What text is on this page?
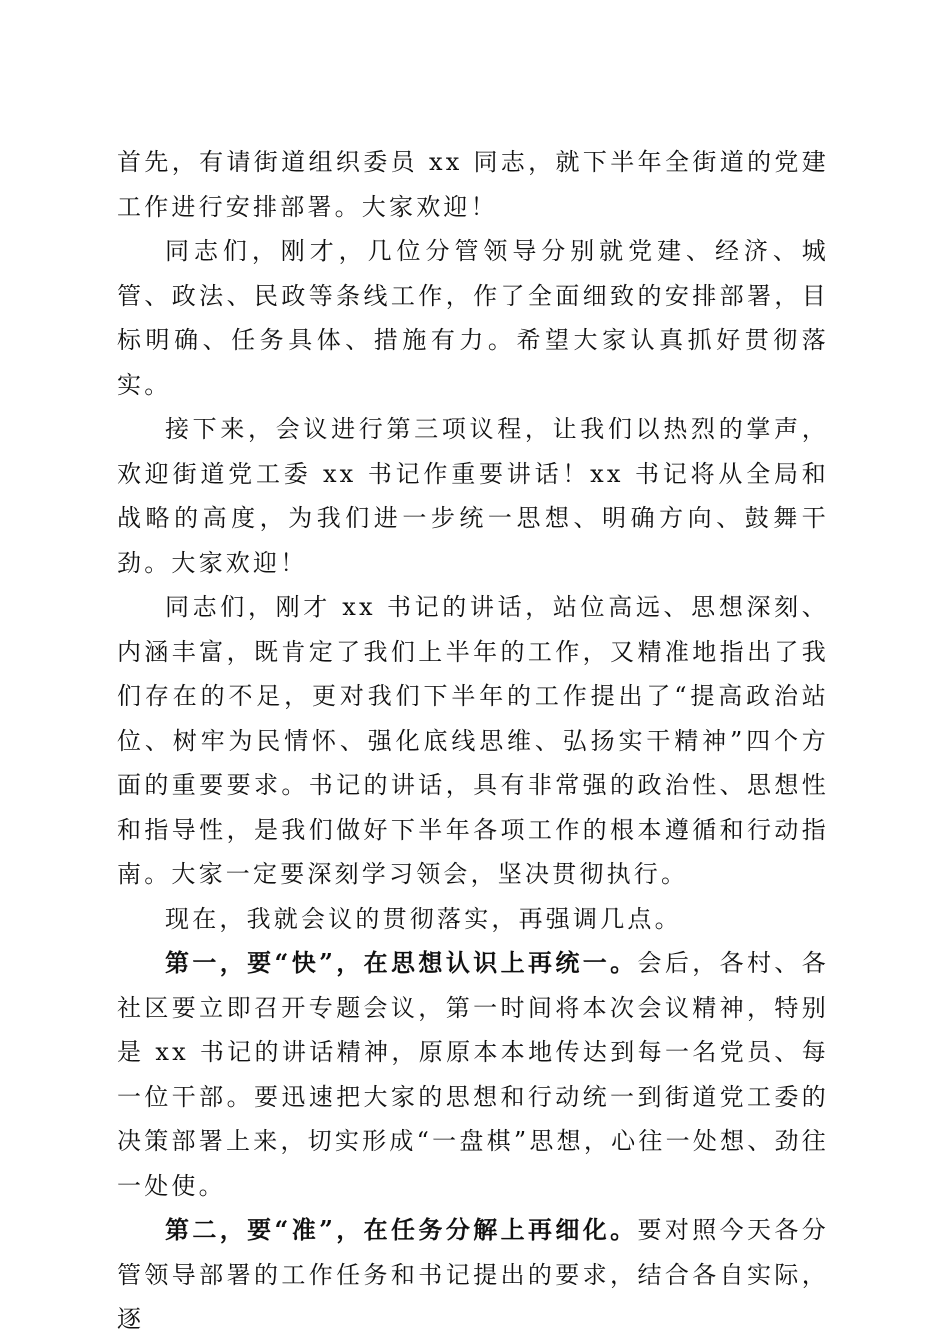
首先，有请街道组织委员 xx 同志，就下半年全街道的党建工作进行安排部署。大家欢迎！

同志们，刚才，几位分管领导分别就党建、经济、城管、政法、民政等条线工作，作了全面细致的安排部署，目标明确、任务具体、措施有力。希望大家认真抓好贯彻落实。

接下来，会议进行第三项议程，让我们以热烈的掌声，欢迎街道党工委 xx 书记作重要讲话！xx 书记将从全局和战略的高度，为我们进一步统一思想、明确方向、鼓舞干劲。大家欢迎！

同志们，刚才 xx 书记的讲话，站位高远、思想深刻、内涵丰富，既肯定了我们上半年的工作，又精准地指出了我们存在的不足，更对我们下半年的工作提出了“提高政治站位、树牢为民情怀、强化底线思维、弘扬实干精神”四个方面的重要要求。书记的讲话，具有非常强的政治性、思想性和指导性，是我们做好下半年各项工作的根本遵循和行动指南。大家一定要深刻学习领会，坚决贯彻执行。

现在，我就会议的贯彻落实，再强调几点。

第一，要“快”，在思想认识上再统一。会后，各村、各社区要立即召开专题会议，第一时间将本次会议精神，特别是 xx 书记的讲话精神，原原本本地传达到每一名党员、每一位干部。要迅速把大家的思想和行动统一到街道党工委的决策部署上来，切实形成“一盘棋”思想，心往一处想、劲往一处使。

第二，要“准”，在任务分解上再细化。要对照今天各分管领导部署的工作任务和书记提出的要求，结合各自实际，逐
